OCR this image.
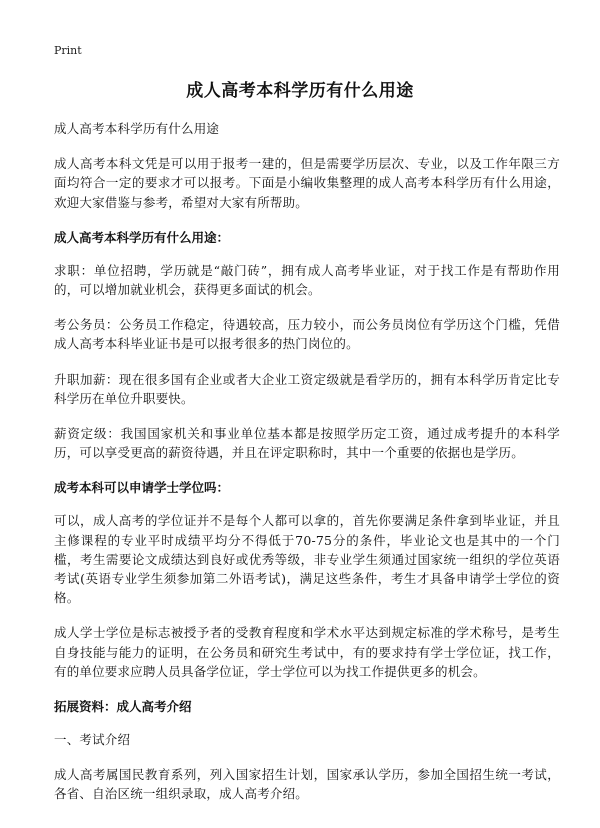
Print
成人高考本科学历有什么用途

成人高考本科学历有什么用途

成人高考本科文凭是可以用于报考一建的，但是需要学历层次、专业，以及工作年限三方面均符合一定的要求才可以报考。下面是小编收集整理的成人高考本科学历有什么用途，欢迎大家借鉴与参考，希望对大家有所帮助。

成人高考本科学历有什么用途：

求职：单位招聘，学历就是“敲门砖”，拥有成人高考毕业证，对于找工作是有帮助作用的，可以增加就业机会，获得更多面试的机会。

考公务员：公务员工作稳定，待遇较高，压力较小，而公务员岗位有学历这个门槛，凭借成人高考本科毕业证书是可以报考很多的热门岗位的。

升职加薪：现在很多国有企业或者大企业工资定级就是看学历的，拥有本科学历肯定比专科学历在单位升职要快。

薪资定级：我国国家机关和事业单位基本都是按照学历定工资，通过成考提升的本科学历，可以享受更高的薪资待遇，并且在评定职称时，其中一个重要的依据也是学历。

成考本科可以申请学士学位吗：

可以，成人高考的学位证并不是每个人都可以拿的，首先你要满足条件拿到毕业证，并且主修课程的专业平时成绩平均分不得低于70-75分的条件，毕业论文也是其中的一个门槛，考生需要论文成绩达到良好或优秀等级，非专业学生须通过国家统一组织的学位英语考试(英语专业学生须参加第二外语考试)，满足这些条件，考生才具备申请学士学位的资格。

成人学士学位是标志被授予者的受教育程度和学术水平达到规定标准的学术称号，是考生自身技能与能力的证明，在公务员和研究生考试中，有的要求持有学士学位证，找工作，有的单位要求应聘人员具备学位证，学士学位可以为找工作提供更多的机会。

拓展资料：成人高考介绍

一、考试介绍

成人高考属国民教育系列，列入国家招生计划，国家承认学历，参加全国招生统一考试，各省、自治区统一组织录取，成人高考介绍。
